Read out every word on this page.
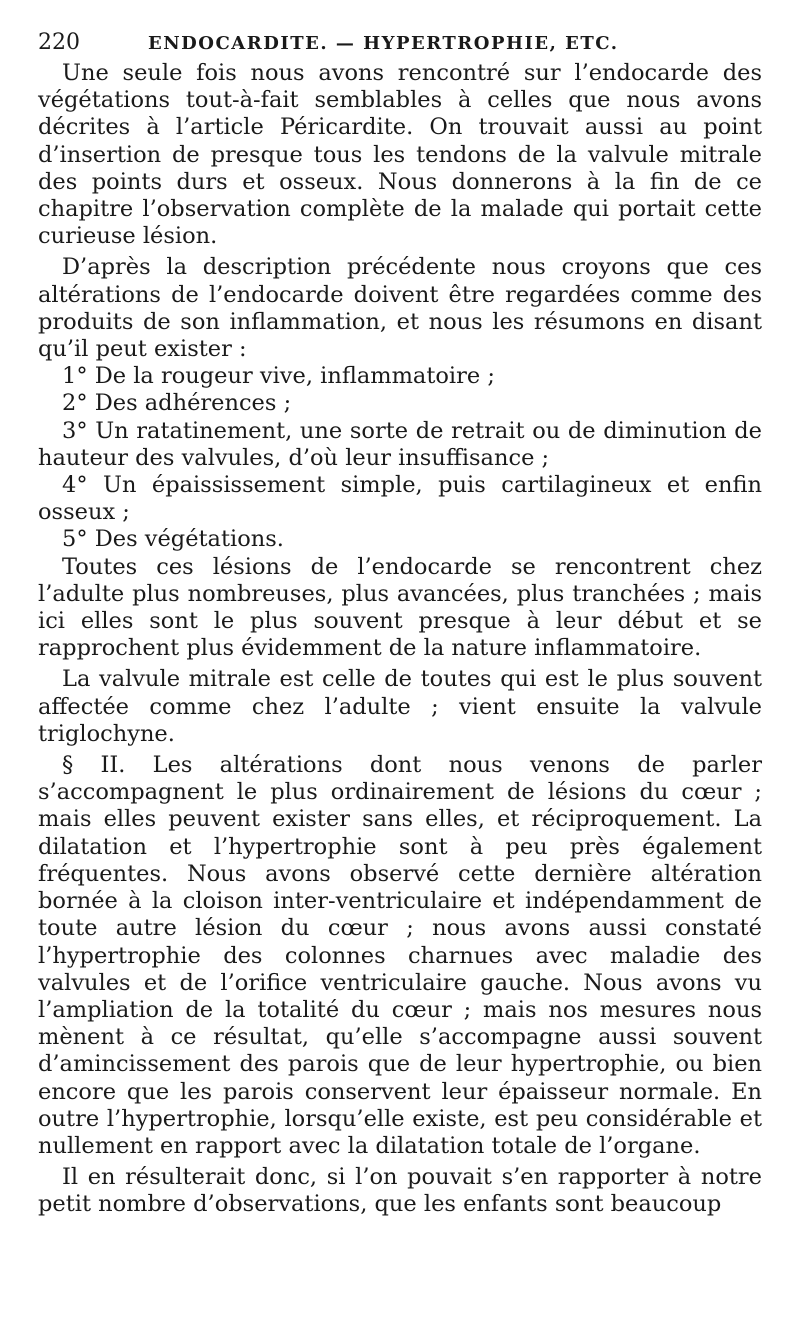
220	ENDOCARDITE. — HYPERTROPHIE, ETC.

Une seule fois nous avons rencontré sur l’endocarde des végétations tout-à-fait semblables à celles que nous avons décrites à l’article Péricardite. On trouvait aussi au point d’insertion de presque tous les tendons de la valvule mitrale des points durs et osseux. Nous donnerons à la fin de ce chapitre l’observation complète de la malade qui portait cette curieuse lésion.

D’après la description précédente nous croyons que ces altérations de l’endocarde doivent être regardées comme des produits de son inflammation, et nous les résumons en disant qu’il peut exister :

1° De la rougeur vive, inflammatoire ;

2° Des adhérences ;

3° Un ratatinement, une sorte de retrait ou de diminution de hauteur des valvules, d’où leur insuffisance ;

4° Un épaississement simple, puis cartilagineux et enfin osseux ;

5° Des végétations.

Toutes ces lésions de l’endocarde se rencontrent chez l’adulte plus nombreuses, plus avancées, plus tranchées ; mais ici elles sont le plus souvent presque à leur début et se rapprochent plus évidemment de la nature inflammatoire.

La valvule mitrale est celle de toutes qui est le plus souvent affectée comme chez l’adulte ; vient ensuite la valvule triglochyne.

§ II. Les altérations dont nous venons de parler s’accompagnent le plus ordinairement de lésions du cœur ; mais elles peuvent exister sans elles, et réciproquement. La dilatation et l’hypertrophie sont à peu près également fréquentes. Nous avons observé cette dernière altération bornée à la cloison inter-ventriculaire et indépendamment de toute autre lésion du cœur ; nous avons aussi constaté l’hypertrophie des colonnes charnues avec maladie des valvules et de l’orifice ventriculaire gauche. Nous avons vu l’ampliation de la totalité du cœur ; mais nos mesures nous mènent à ce résultat, qu’elle s’accompagne aussi souvent d’amincissement des parois que de leur hypertrophie, ou bien encore que les parois conservent leur épaisseur normale. En outre l’hypertrophie, lorsqu’elle existe, est peu considérable et nullement en rapport avec la dilatation totale de l’organe.

Il en résulterait donc, si l’on pouvait s’en rapporter à notre petit nombre d’observations, que les enfants sont beaucoup
